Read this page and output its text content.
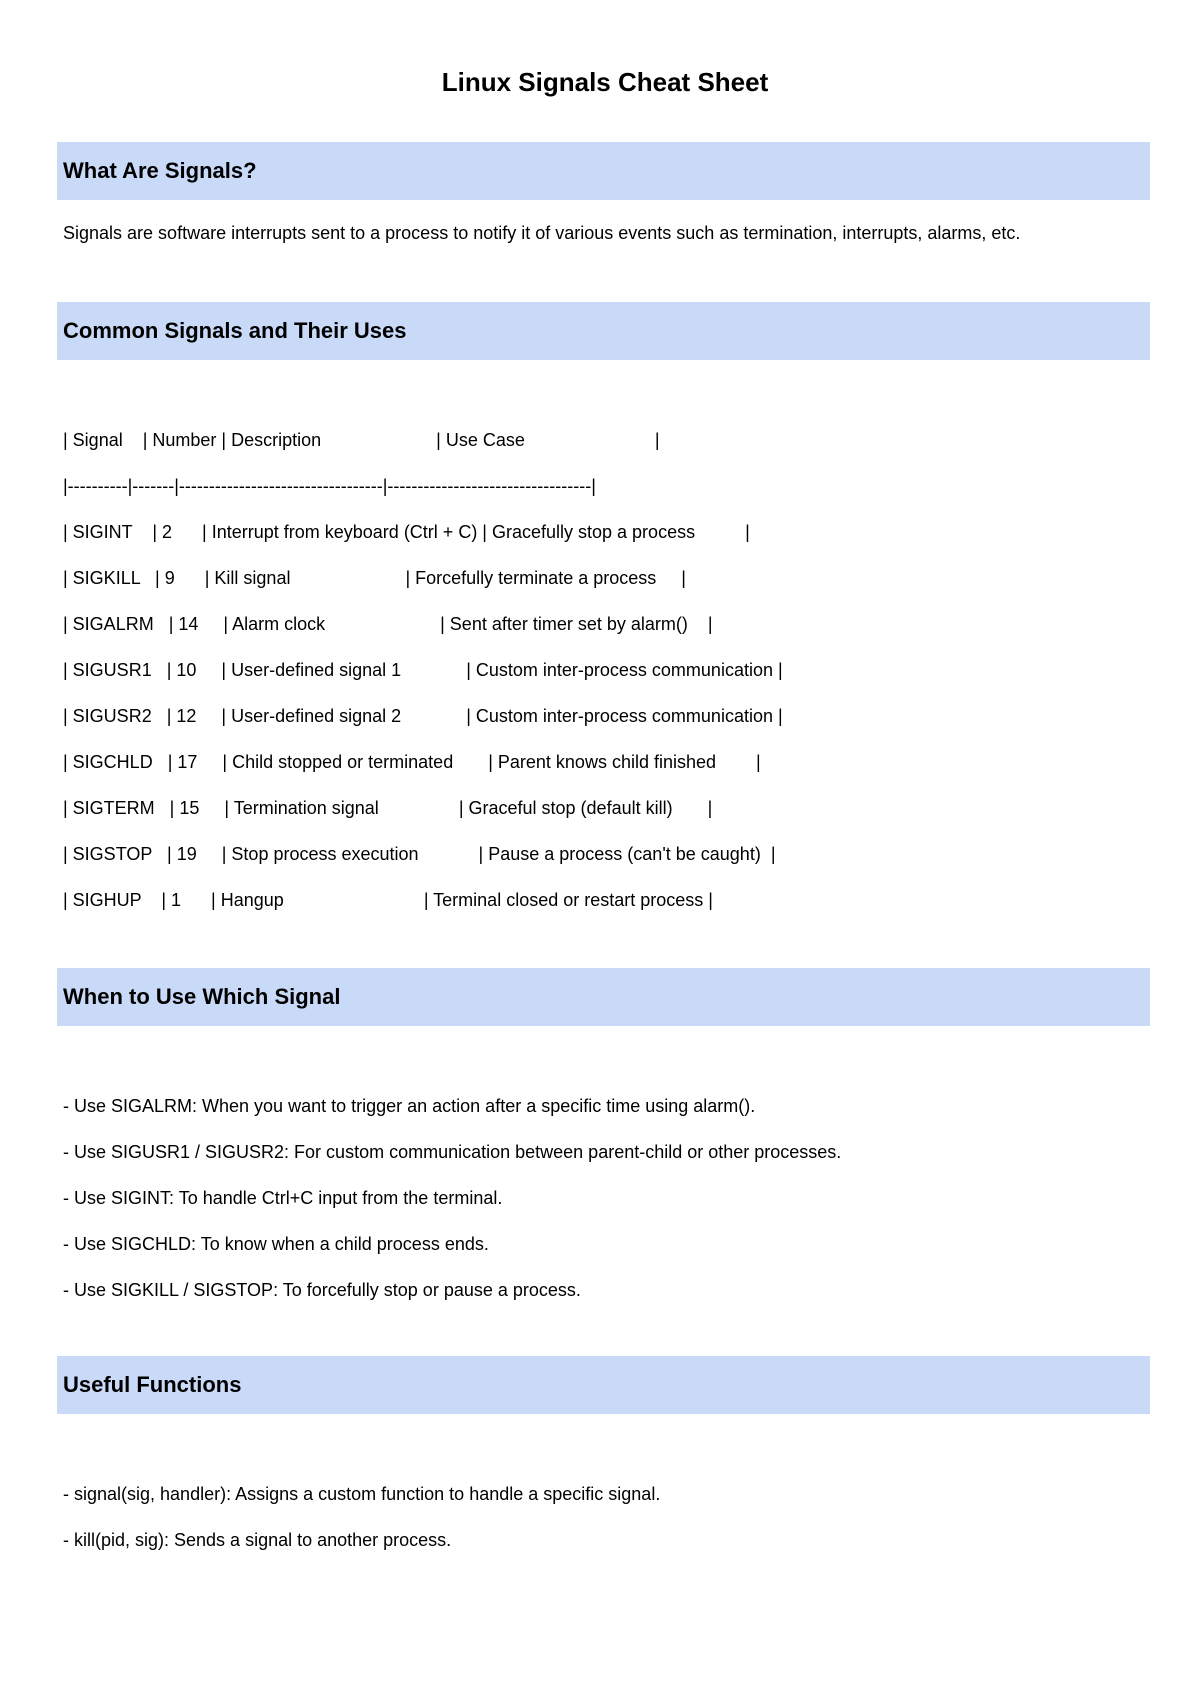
Linux Signals Cheat Sheet
What Are Signals?

Signals are software interrupts sent to a process to notify it of various events such as termination, interrupts, alarms, etc.

Common Signals and Their Uses

| Signal    | Number | Description                       | Use Case                          |

|----------|-------|----------------------------------|----------------------------------|

| SIGINT    | 2      | Interrupt from keyboard (Ctrl + C) | Gracefully stop a process          |

| SIGKILL   | 9      | Kill signal                       | Forcefully terminate a process     |

| SIGALRM   | 14     | Alarm clock                       | Sent after timer set by alarm()    |

| SIGUSR1   | 10     | User-defined signal 1             | Custom inter-process communication |

| SIGUSR2   | 12     | User-defined signal 2             | Custom inter-process communication |

| SIGCHLD   | 17     | Child stopped or terminated       | Parent knows child finished        |

| SIGTERM   | 15     | Termination signal                | Graceful stop (default kill)       |

| SIGSTOP   | 19     | Stop process execution            | Pause a process (can't be caught)  |

| SIGHUP    | 1      | Hangup                            | Terminal closed or restart process |

When to Use Which Signal

- Use SIGALRM: When you want to trigger an action after a specific time using alarm().

- Use SIGUSR1 / SIGUSR2: For custom communication between parent-child or other processes.

- Use SIGINT: To handle Ctrl+C input from the terminal.

- Use SIGCHLD: To know when a child process ends.

- Use SIGKILL / SIGSTOP: To forcefully stop or pause a process.

Useful Functions

- signal(sig, handler): Assigns a custom function to handle a specific signal.

- kill(pid, sig): Sends a signal to another process.
